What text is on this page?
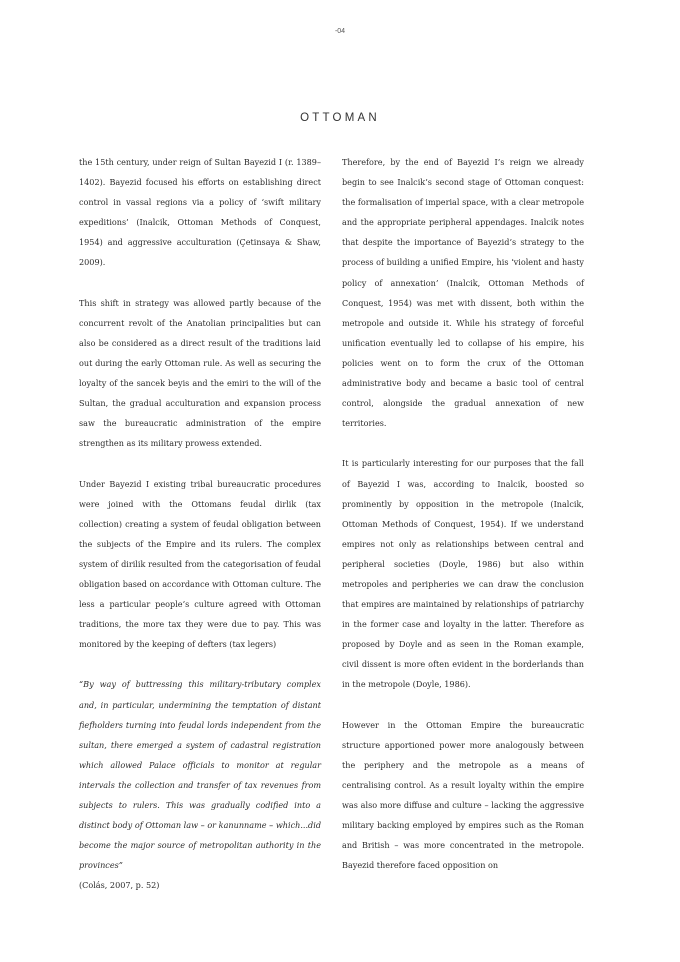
-04
OTTOMAN

the 15th century, under reign of Sultan Bayezid I (r. 1389–1402). Bayezid focused his efforts on establishing direct control in vassal regions via a policy of ‘swift military expeditions’ (Inalcik, Ottoman Methods of Conquest, 1954) and aggressive acculturation (Çetinsaya & Shaw, 2009).

This shift in strategy was allowed partly because of the concurrent revolt of the Anatolian principalities but can also be considered as a direct result of the traditions laid out during the early Ottoman rule. As well as securing the loyalty of the sancek beyis and the emiri to the will of the Sultan, the gradual acculturation and expansion process saw the bureaucratic administration of the empire strengthen as its military prowess extended.

Under Bayezid I existing tribal bureaucratic procedures were joined with the Ottomans feudal dirlik (tax collection) creating a system of feudal obligation between the subjects of the Empire and its rulers. The complex system of dirilik resulted from the categorisation of feudal obligation based on accordance with Ottoman culture. The less a particular people’s culture agreed with Ottoman traditions, the more tax they were due to pay. This was monitored by the keeping of defters (tax legers)

“By way of buttressing this military-tributary complex and, in particular, undermining the temptation of distant fiefholders turning into feudal lords independent from the sultan, there emerged a system of cadastral registration which allowed Palace officials to monitor at regular intervals the collection and transfer of tax revenues from subjects to rulers. This was gradually codified into a distinct body of Ottoman law – or kanunname – which...did become the major source of metropolitan authority in the provinces”

(Colás, 2007, p. 52)

Therefore, by the end of Bayezid I’s reign we already begin to see Inalcik’s second stage of Ottoman conquest: the formalisation of imperial space, with a clear metropole and the appropriate peripheral appendages. Inalcik notes that despite the importance of Bayezid’s strategy to the process of building a unified Empire, his ‘violent and hasty policy of annexation’ (Inalcik, Ottoman Methods of Conquest, 1954) was met with dissent, both within the metropole and outside it. While his strategy of forceful unification eventually led to collapse of his empire, his policies went on to form the crux of the Ottoman administrative body and became a basic tool of central control, alongside the gradual annexation of new territories.

It is particularly interesting for our purposes that the fall of Bayezid I was, according to Inalcik, boosted so prominently by opposition in the metropole (Inalcik, Ottoman Methods of Conquest, 1954). If we understand empires not only as relationships between central and peripheral societies (Doyle, 1986) but also within metropoles and peripheries we can draw the conclusion that empires are maintained by relationships of patriarchy in the former case and loyalty in the latter. Therefore as proposed by Doyle and as seen in the Roman example, civil dissent is more often evident in the borderlands than in the metropole (Doyle, 1986).

However in the Ottoman Empire the bureaucratic structure apportioned power more analogously between the periphery and the metropole as a means of centralising control. As a result loyalty within the empire was also more diffuse and culture – lacking the aggressive military backing employed by empires such as the Roman and British – was more concentrated in the metropole. Bayezid therefore faced opposition on
